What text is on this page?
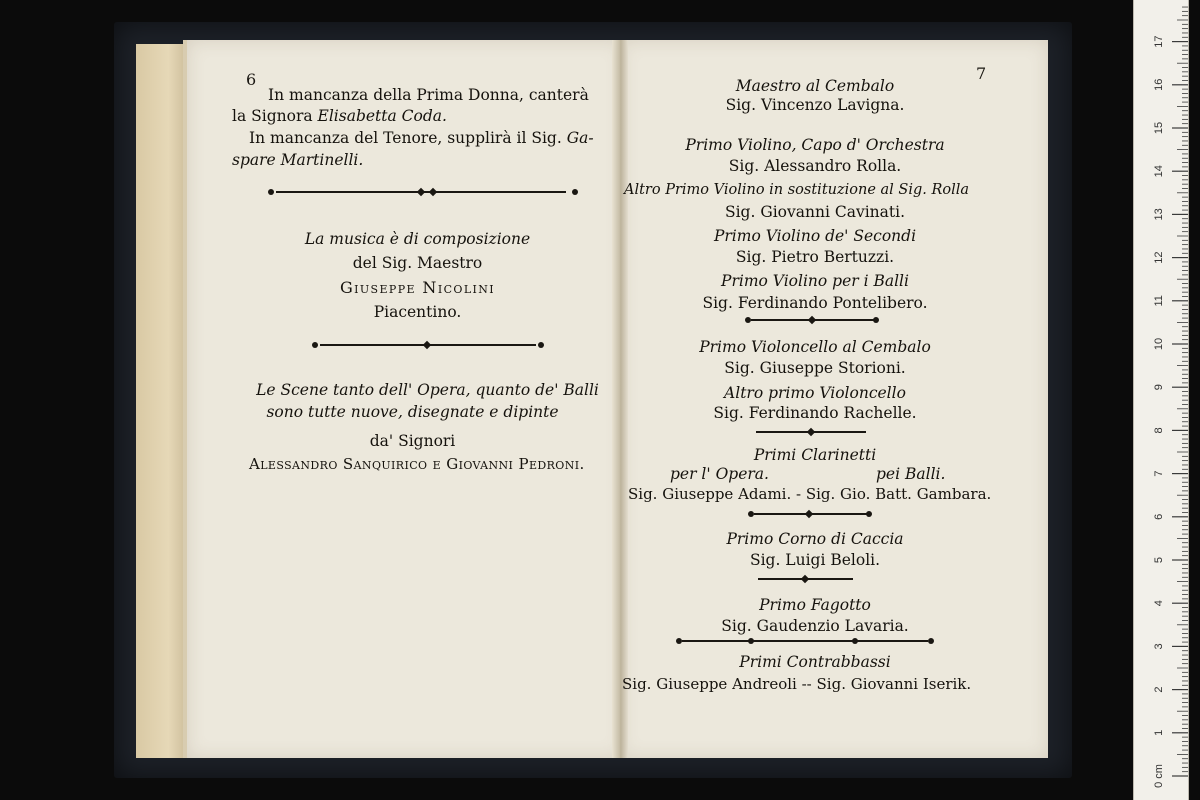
6
In mancanza della Prima Donna, canterà
la Signora Elisabetta Coda.
In mancanza del Tenore, supplirà il Sig. Ga-
spare Martinelli.
La musica è di composizione
del Sig. Maestro
Giuseppe Nicolini
Piacentino.
Le Scene tanto dell' Opera, quanto de' Balli
sono tutte nuove, disegnate e dipinte
da' Signori
Alessandro Sanquirico e Giovanni Pedroni.
7
Maestro al Cembalo
Sig. Vincenzo Lavigna.
Primo Violino, Capo d' Orchestra
Sig. Alessandro Rolla.
Altro Primo Violino in sostituzione al Sig. Rolla
Sig. Giovanni Cavinati.
Primo Violino de' Secondi
Sig. Pietro Bertuzzi.
Primo Violino per i Balli
Sig. Ferdinando Pontelibero.
Primo Violoncello al Cembalo
Sig. Giuseppe Storioni.
Altro primo Violoncello
Sig. Ferdinando Rachelle.
Primi Clarinetti
per l' Opera.	pei Balli.
Sig. Giuseppe Adami. - Sig. Gio. Batt. Gambara.
Primo Corno di Caccia
Sig. Luigi Beloli.
Primo Fagotto
Sig. Gaudenzio Lavaria.
Primi Contrabbassi
Sig. Giuseppe Andreoli -- Sig. Giovanni Iserik.
0 cm
1
2
3
4
5
6
7
8
9
10
11
12
13
14
15
16
17
